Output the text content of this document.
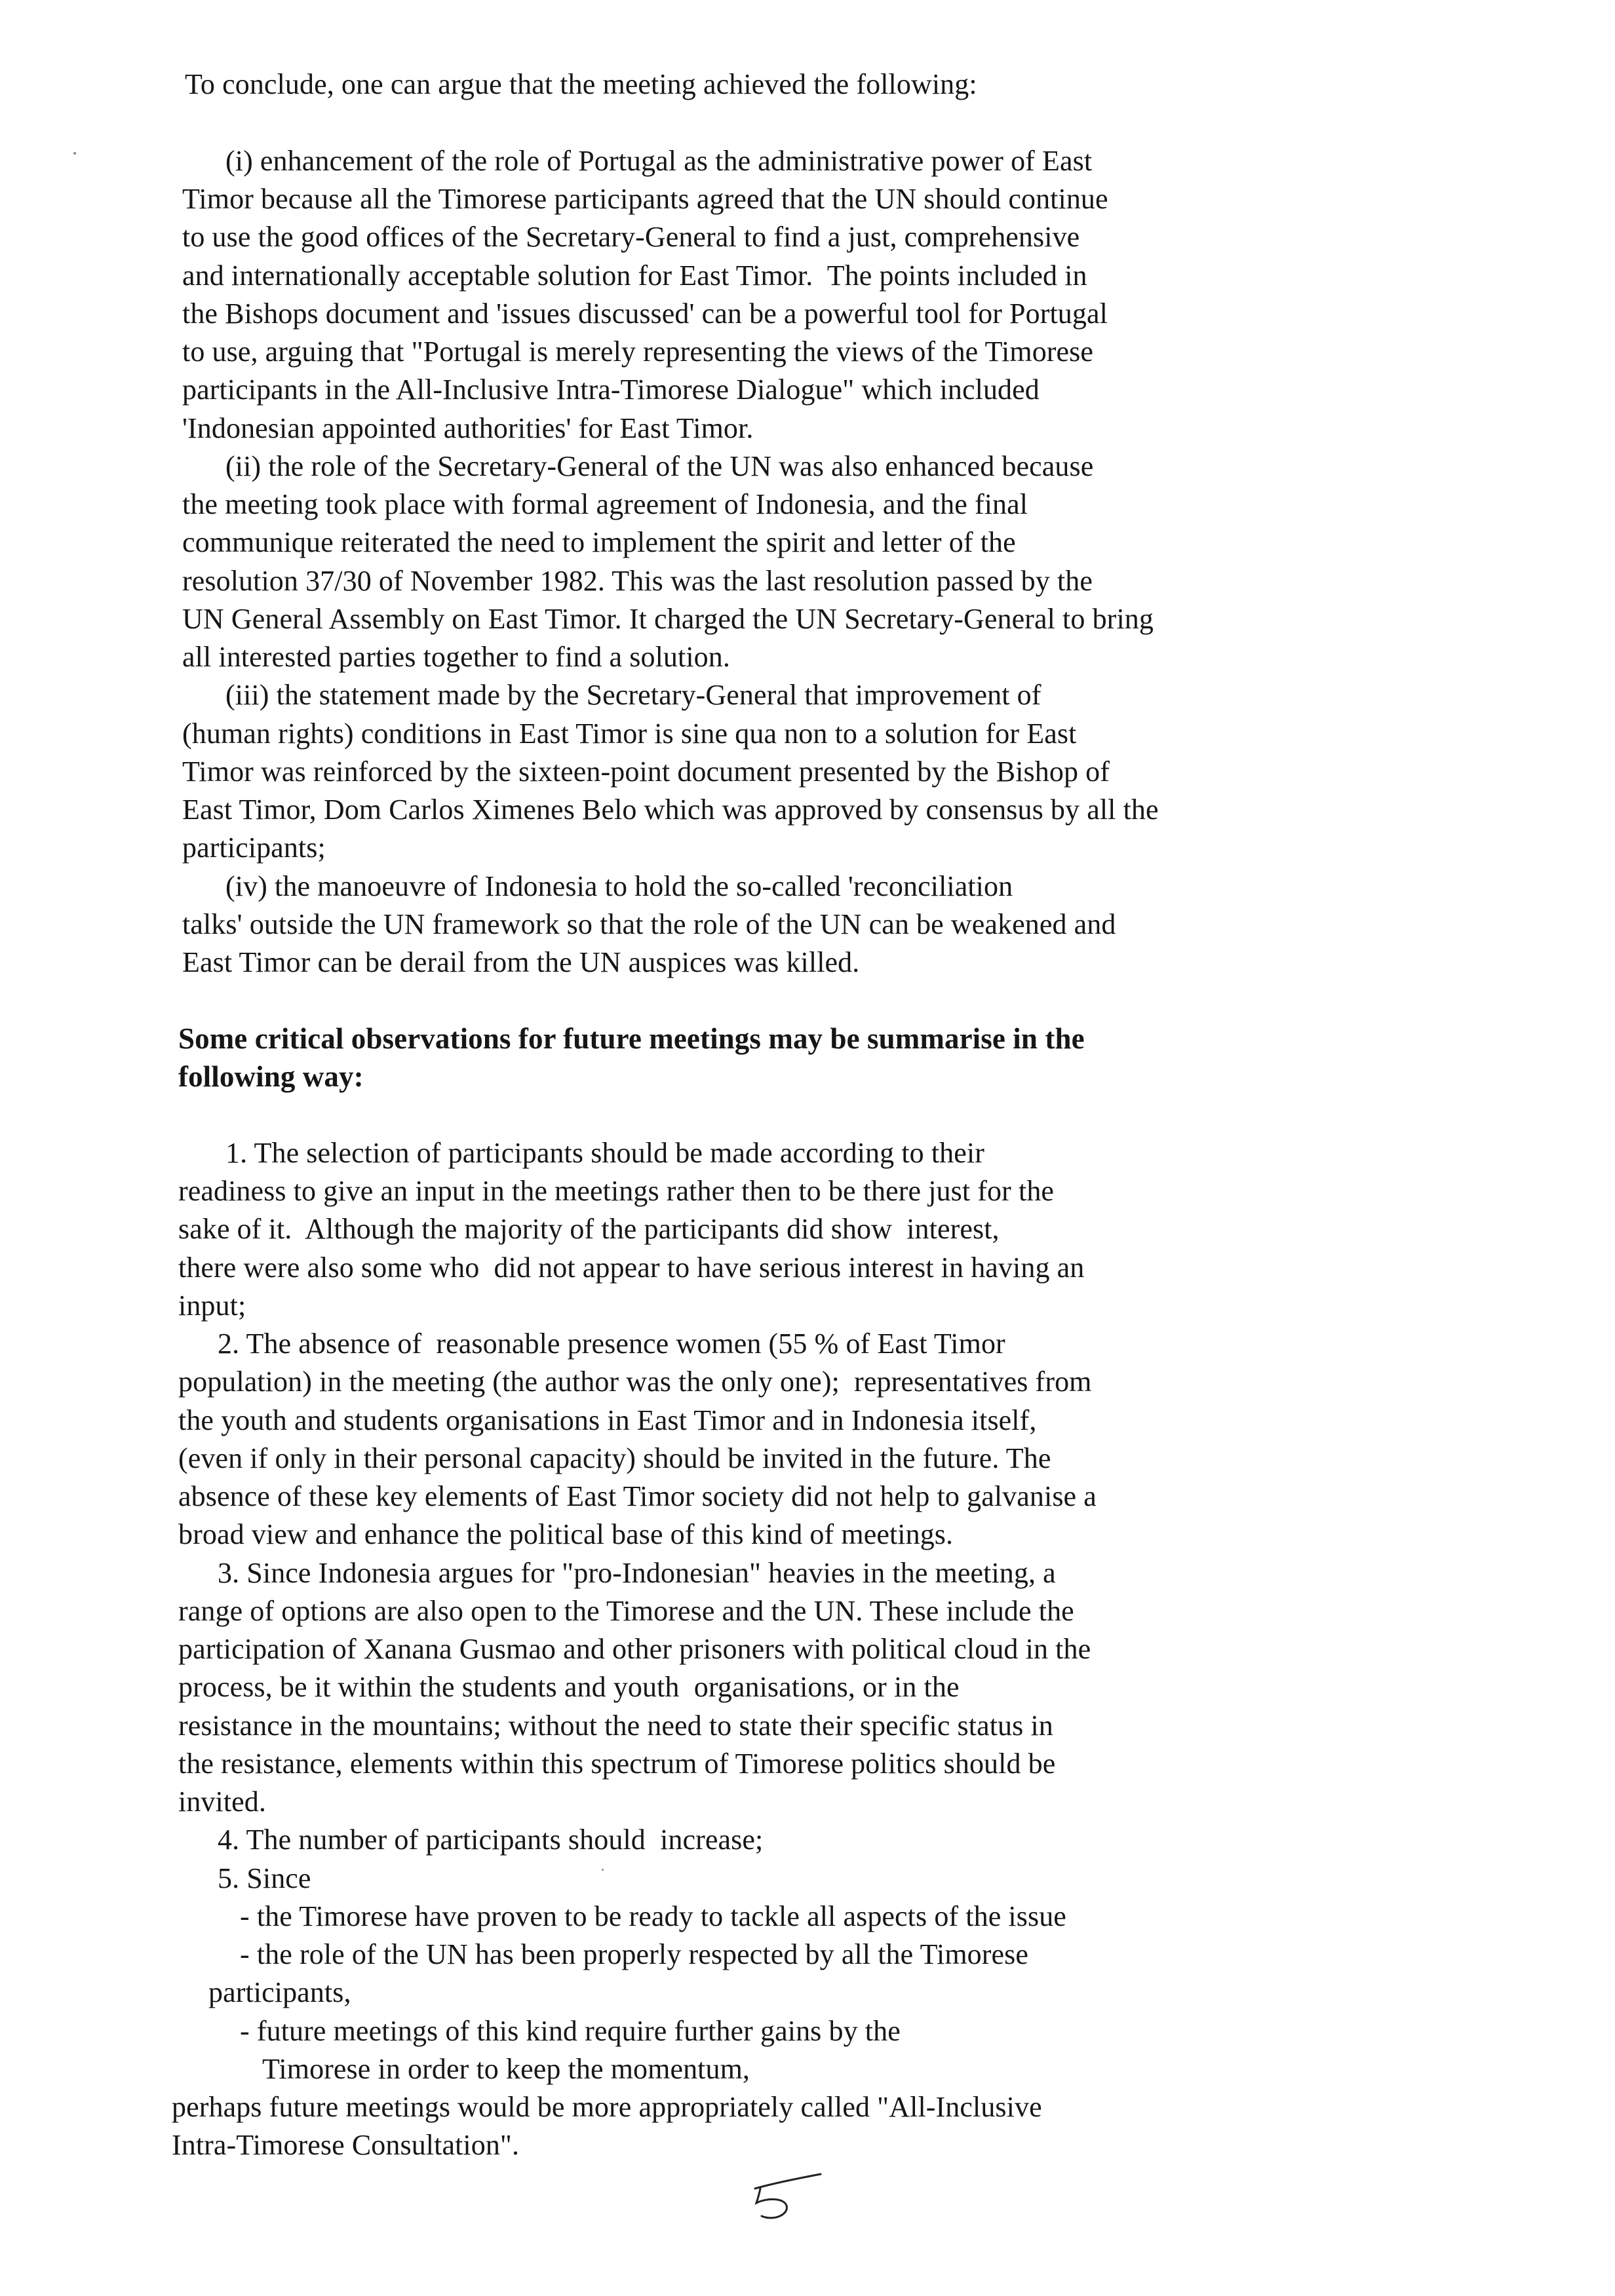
To conclude, one can argue that the meeting achieved the following:
(i) enhancement of the role of Portugal as the administrative power of East
Timor because all the Timorese participants agreed that the UN should continue
to use the good offices of the Secretary-General to find a just, comprehensive
and internationally acceptable solution for East Timor.  The points included in
the Bishops document and 'issues discussed' can be a powerful tool for Portugal
to use, arguing that "Portugal is merely representing the views of the Timorese
participants in the All-Inclusive Intra-Timorese Dialogue" which included
'Indonesian appointed authorities' for East Timor.
(ii) the role of the Secretary-General of the UN was also enhanced because
the meeting took place with formal agreement of Indonesia, and the final
communique reiterated the need to implement the spirit and letter of the
resolution 37/30 of November 1982. This was the last resolution passed by the
UN General Assembly on East Timor. It charged the UN Secretary-General to bring
all interested parties together to find a solution.
(iii) the statement made by the Secretary-General that improvement of
(human rights) conditions in East Timor is sine qua non to a solution for East
Timor was reinforced by the sixteen-point document presented by the Bishop of
East Timor, Dom Carlos Ximenes Belo which was approved by consensus by all the
participants;
(iv) the manoeuvre of Indonesia to hold the so-called 'reconciliation
talks' outside the UN framework so that the role of the UN can be weakened and
East Timor can be derail from the UN auspices was killed.
Some critical observations for future meetings may be summarise in the
following way:
1. The selection of participants should be made according to their
readiness to give an input in the meetings rather then to be there just for the
sake of it.  Although the majority of the participants did show  interest,
there were also some who  did not appear to have serious interest in having an
input;
2. The absence of  reasonable presence women (55 % of East Timor
population) in the meeting (the author was the only one);  representatives from
the youth and students organisations in East Timor and in Indonesia itself,
(even if only in their personal capacity) should be invited in the future. The
absence of these key elements of East Timor society did not help to galvanise a
broad view and enhance the political base of this kind of meetings.
3. Since Indonesia argues for "pro-Indonesian" heavies in the meeting, a
range of options are also open to the Timorese and the UN. These include the
participation of Xanana Gusmao and other prisoners with political cloud in the
process, be it within the students and youth  organisations, or in the
resistance in the mountains; without the need to state their specific status in
the resistance, elements within this spectrum of Timorese politics should be
invited.
4. The number of participants should  increase;
5. Since
- the Timorese have proven to be ready to tackle all aspects of the issue
- the role of the UN has been properly respected by all the Timorese
participants,
- future meetings of this kind require further gains by the
Timorese in order to keep the momentum,
perhaps future meetings would be more appropriately called "All-Inclusive
Intra-Timorese Consultation".
